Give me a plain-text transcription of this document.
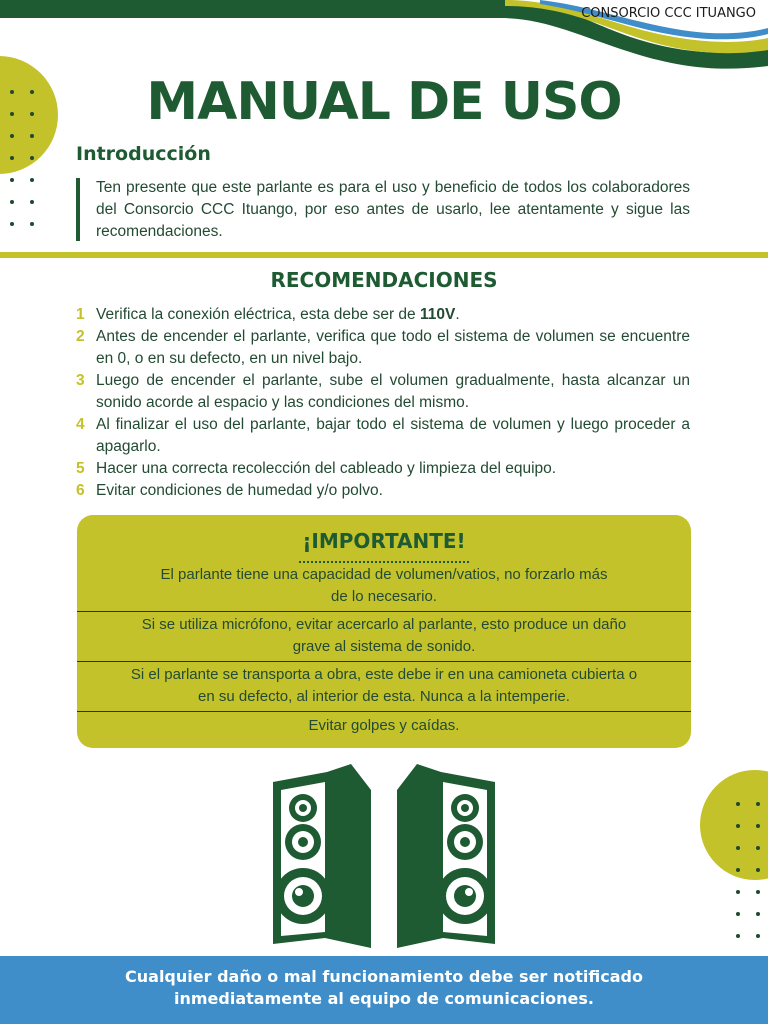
CONSORCIO CCC ITUANGO
MANUAL DE USO
Introducción
Ten presente que este parlante es para el uso y beneficio de todos los colaboradores del Consorcio CCC Ituango, por eso antes de usarlo, lee atentamente y sigue las recomendaciones.
RECOMENDACIONES
1 Verifica la conexión eléctrica, esta debe ser de 110V.
2 Antes de encender el parlante, verifica que todo el sistema de volumen se encuentre en 0, o en su defecto, en un nivel bajo.
3 Luego de encender el parlante, sube el volumen gradualmente, hasta alcanzar un sonido acorde al espacio y las condiciones del mismo.
4 Al finalizar el uso del parlante, bajar todo el sistema de volumen y luego proceder a apagarlo.
5 Hacer una correcta recolección del cableado y limpieza del equipo.
6 Evitar condiciones de humedad y/o polvo.
¡IMPORTANTE!
El parlante tiene una capacidad de volumen/vatios, no forzarlo más
de lo necesario.
Si se utiliza micrófono, evitar acercarlo al parlante, esto produce un daño
grave al sistema de sonido.
Si el parlante se transporta a obra, este debe ir en una camioneta cubierta o
en su defecto, al interior de esta. Nunca a la intemperie.
Evitar golpes y caídas.
Cualquier daño o mal funcionamiento debe ser notificado
inmediatamente al equipo de comunicaciones.
